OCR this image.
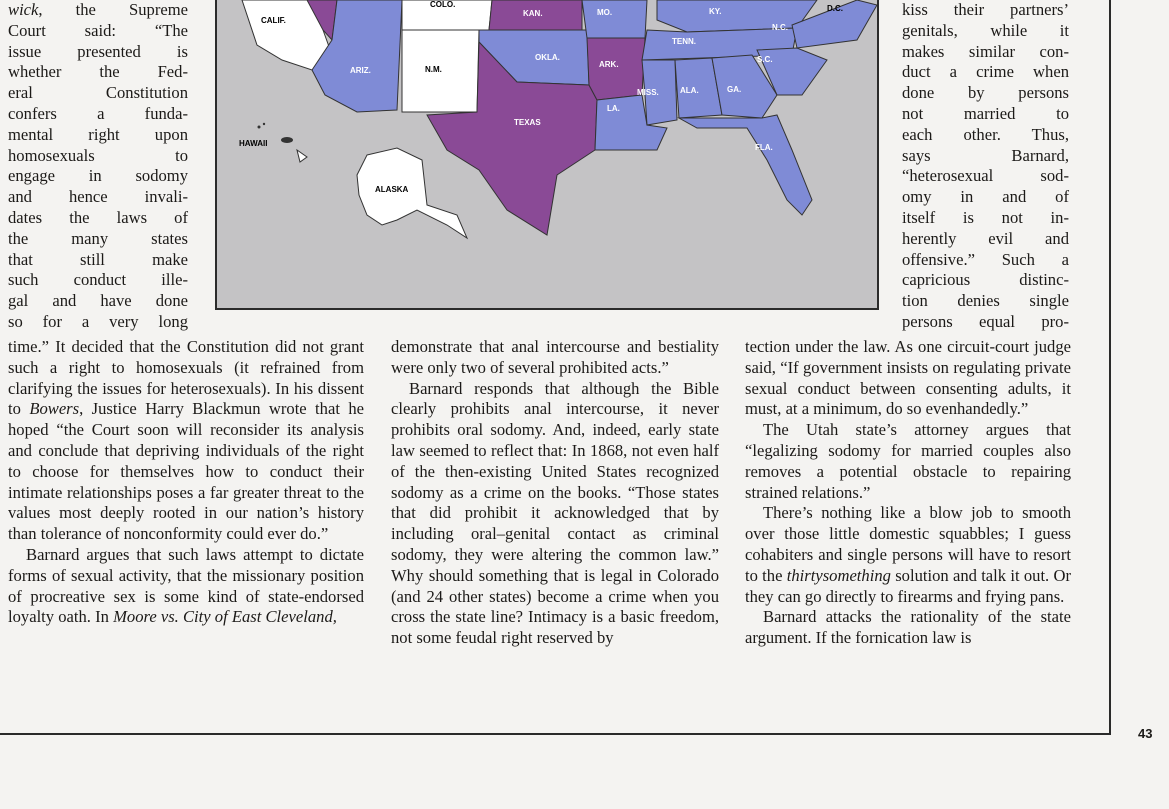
wick, the Supreme
Court said: “The
issue presented is
whether the Fed-
eral Constitution
confers a funda-
mental right upon
homosexuals to
engage in sodomy
and hence invali-
dates the laws of
the many states
that still make
such conduct ille-
gal and have done
so for a very long

time.” It decided that the Constitution did not grant such a right to homosexuals (it refrained from clarifying the issues for heterosexuals). In his dissent to Bowers, Justice Harry Blackmun wrote that he hoped “the Court soon will reconsider its analysis and conclude that depriving individuals of the right to choose for themselves how to conduct their intimate relationships poses a far greater threat to the values most deeply rooted in our nation’s history than tolerance of nonconformity could ever do.”

Barnard argues that such laws attempt to dictate forms of sexual activity, that the missionary position of procreative sex is some kind of state-endorsed loyalty oath. In Moore vs. City of East Cleveland,

CALIF.
COLO.
KAN.	MO.	KY.	D.C.
N.C.
TENN.
S.C.
ARIZ.	N.M.
OKLA.
ARK.
MISS.	ALA.	GA.
LA.
TEXAS
FLA.
HAWAII
ALASKA

demonstrate that anal intercourse and bestiality were only two of several prohibited acts.”

Barnard responds that although the Bible clearly prohibits anal intercourse, it never prohibits oral sodomy. And, indeed, early state law seemed to reflect that: In 1868, not even half of the then-existing United States recognized sodomy as a crime on the books. “Those states that did prohibit it acknowledged that by including oral–genital contact as criminal sodomy, they were altering the common law.” Why should something that is legal in Colorado (and 24 other states) become a crime when you cross the state line? Intimacy is a basic freedom, not some feudal right reserved by

kiss their partners’
genitals, while it
makes similar con-
duct a crime when
done by persons
not married to
each other. Thus,
says Barnard,
“heterosexual sod-
omy in and of
itself is not in-
herently evil and
offensive.” Such a
capricious distinc-
tion denies single
persons equal pro-

tection under the law. As one circuit-court judge said, “If government insists on regulating private sexual conduct between consenting adults, it must, at a minimum, do so evenhandedly.”

The Utah state’s attorney argues that “legalizing sodomy for married couples also removes a potential obstacle to repairing strained relations.”

There’s nothing like a blow job to smooth over those little domestic squabbles; I guess cohabiters and single persons will have to resort to the thirtysomething solution and talk it out. Or they can go directly to firearms and frying pans.

Barnard attacks the rationality of the state argument. If the fornication law is

43
